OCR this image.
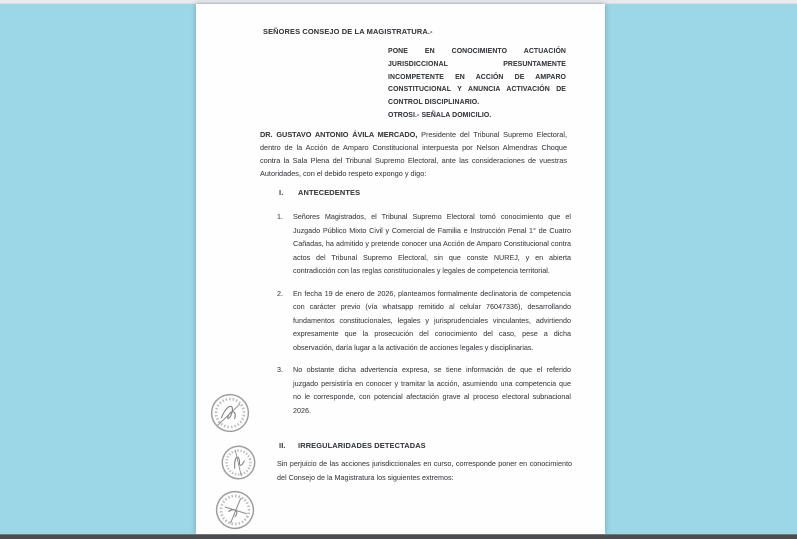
SEÑORES CONSEJO DE LA MAGISTRATURA.-

PONE EN CONOCIMIENTO ACTUACIÓN JURISDICCIONAL PRESUNTAMENTE INCOMPETENTE EN ACCIÓN DE AMPARO CONSTITUCIONAL Y ANUNCIA ACTIVACIÓN DE CONTROL DISCIPLINARIO.

OTROSI.- SEÑALA DOMICILIO.

DR. GUSTAVO ANTONIO ÁVILA MERCADO, Presidente del Tribunal Supremo Electoral, dentro de la Acción de Amparo Constitucional interpuesta por Nelson Almendras Choque contra la Sala Plena del Tribunal Supremo Electoral, ante las consideraciones de vuestras Autoridades, con el debido respeto expongo y digo:

I. ANTECEDENTES
1.	Señores Magistrados, el Tribunal Supremo Electoral tomó conocimiento que el Juzgado Público Mixto Civil y Comercial de Familia e Instrucción Penal 1° de Cuatro Cañadas, ha admitido y pretende conocer una Acción de Amparo Constitucional contra actos del Tribunal Supremo Electoral, sin que conste NUREJ, y en abierta contradicción con las reglas constitucionales y legales de competencia territorial.
2.	En fecha 19 de enero de 2026, planteamos formalmente declinatoria de competencia con carácter previo (vía whatsapp remitido al celular 76047336), desarrollando fundamentos constitucionales, legales y jurisprudenciales vinculantes, advirtiendo expresamente que la prosecución del conocimiento del caso, pese a dicha observación, daría lugar a la activación de acciones legales y disciplinarias.
3.	No obstante dicha advertencia expresa, se tiene información de que el referido juzgado persistiría en conocer y tramitar la acción, asumiendo una competencia que no le corresponde, con potencial afectación grave al proceso electoral subnacional 2026.
II. IRREGULARIDADES DETECTADAS

Sin perjuicio de las acciones jurisdiccionales en curso, corresponde poner en conocimiento del Consejo de la Magistratura los siguientes extremos:
